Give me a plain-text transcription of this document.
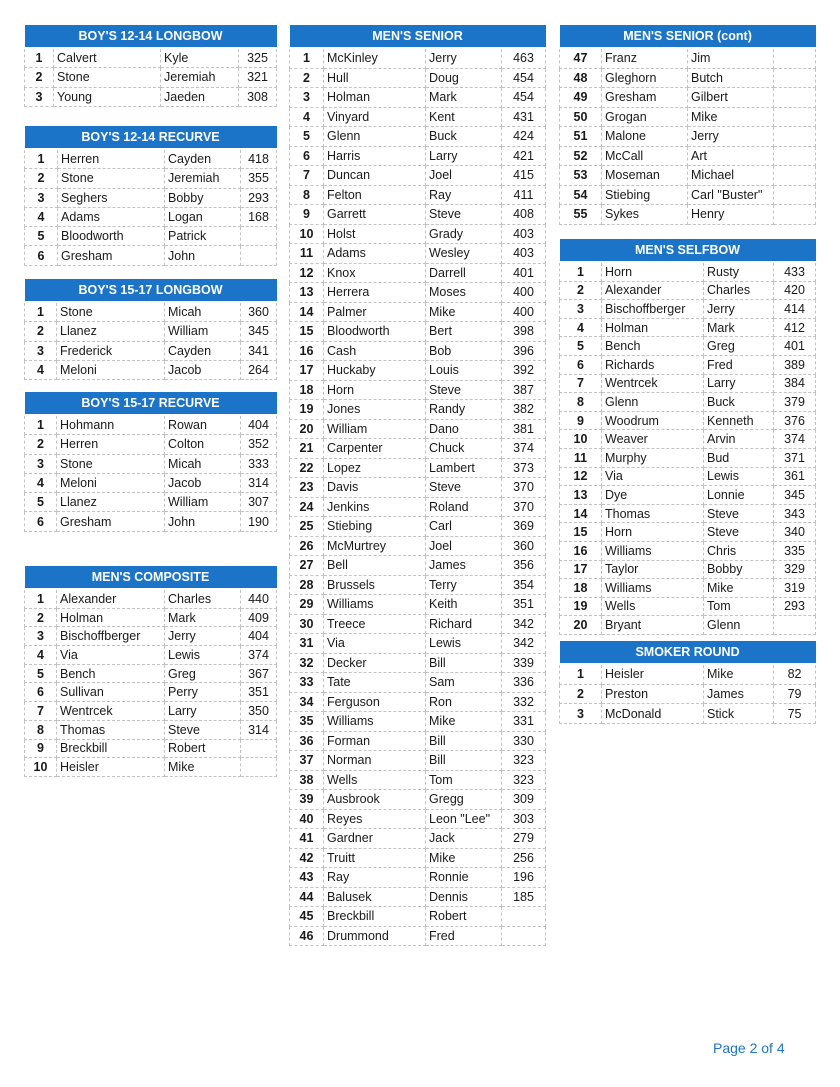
BOY'S 12-14 LONGBOW			
1	Calvert	Kyle	325
2	Stone	Jeremiah	321
3	Young	Jaeden	308
BOY'S 12-14 RECURVE			
1	Herren	Cayden	418
2	Stone	Jeremiah	355
3	Seghers	Bobby	293
4	Adams	Logan	168
5	Bloodworth	Patrick	
6	Gresham	John	
BOY'S 15-17 LONGBOW			
1	Stone	Micah	360
2	Llanez	William	345
3	Frederick	Cayden	341
4	Meloni	Jacob	264
BOY'S 15-17 RECURVE			
1	Hohmann	Rowan	404
2	Herren	Colton	352
3	Stone	Micah	333
4	Meloni	Jacob	314
5	Llanez	William	307
6	Gresham	John	190
MEN'S COMPOSITE			
1	Alexander	Charles	440
2	Holman	Mark	409
3	Bischoffberger	Jerry	404
4	Via	Lewis	374
5	Bench	Greg	367
6	Sullivan	Perry	351
7	Wentrcek	Larry	350
8	Thomas	Steve	314
9	Breckbill	Robert	
10	Heisler	Mike	
MEN'S SENIOR			
1	McKinley	Jerry	463
2	Hull	Doug	454
3	Holman	Mark	454
4	Vinyard	Kent	431
5	Glenn	Buck	424
6	Harris	Larry	421
7	Duncan	Joel	415
8	Felton	Ray	411
9	Garrett	Steve	408
10	Holst	Grady	403
11	Adams	Wesley	403
12	Knox	Darrell	401
13	Herrera	Moses	400
14	Palmer	Mike	400
15	Bloodworth	Bert	398
16	Cash	Bob	396
17	Huckaby	Louis	392
18	Horn	Steve	387
19	Jones	Randy	382
20	William	Dano	381
21	Carpenter	Chuck	374
22	Lopez	Lambert	373
23	Davis	Steve	370
24	Jenkins	Roland	370
25	Stiebing	Carl	369
26	McMurtrey	Joel	360
27	Bell	James	356
28	Brussels	Terry	354
29	Williams	Keith	351
30	Treece	Richard	342
31	Via	Lewis	342
32	Decker	Bill	339
33	Tate	Sam	336
34	Ferguson	Ron	332
35	Williams	Mike	331
36	Forman	Bill	330
37	Norman	Bill	323
38	Wells	Tom	323
39	Ausbrook	Gregg	309
40	Reyes	Leon "Lee"	303
41	Gardner	Jack	279
42	Truitt	Mike	256
43	Ray	Ronnie	196
44	Balusek	Dennis	185
45	Breckbill	Robert	
46	Drummond	Fred	
MEN'S SENIOR (cont)			
47	Franz	Jim	
48	Gleghorn	Butch	
49	Gresham	Gilbert	
50	Grogan	Mike	
51	Malone	Jerry	
52	McCall	Art	
53	Moseman	Michael	
54	Stiebing	Carl "Buster"	
55	Sykes	Henry	
MEN'S SELFBOW			
1	Horn	Rusty	433
2	Alexander	Charles	420
3	Bischoffberger	Jerry	414
4	Holman	Mark	412
5	Bench	Greg	401
6	Richards	Fred	389
7	Wentrcek	Larry	384
8	Glenn	Buck	379
9	Woodrum	Kenneth	376
10	Weaver	Arvin	374
11	Murphy	Bud	371
12	Via	Lewis	361
13	Dye	Lonnie	345
14	Thomas	Steve	343
15	Horn	Steve	340
16	Williams	Chris	335
17	Taylor	Bobby	329
18	Williams	Mike	319
19	Wells	Tom	293
20	Bryant	Glenn	
SMOKER ROUND			
1	Heisler	Mike	82
2	Preston	James	79
3	McDonald	Stick	75
Page 2 of 4
